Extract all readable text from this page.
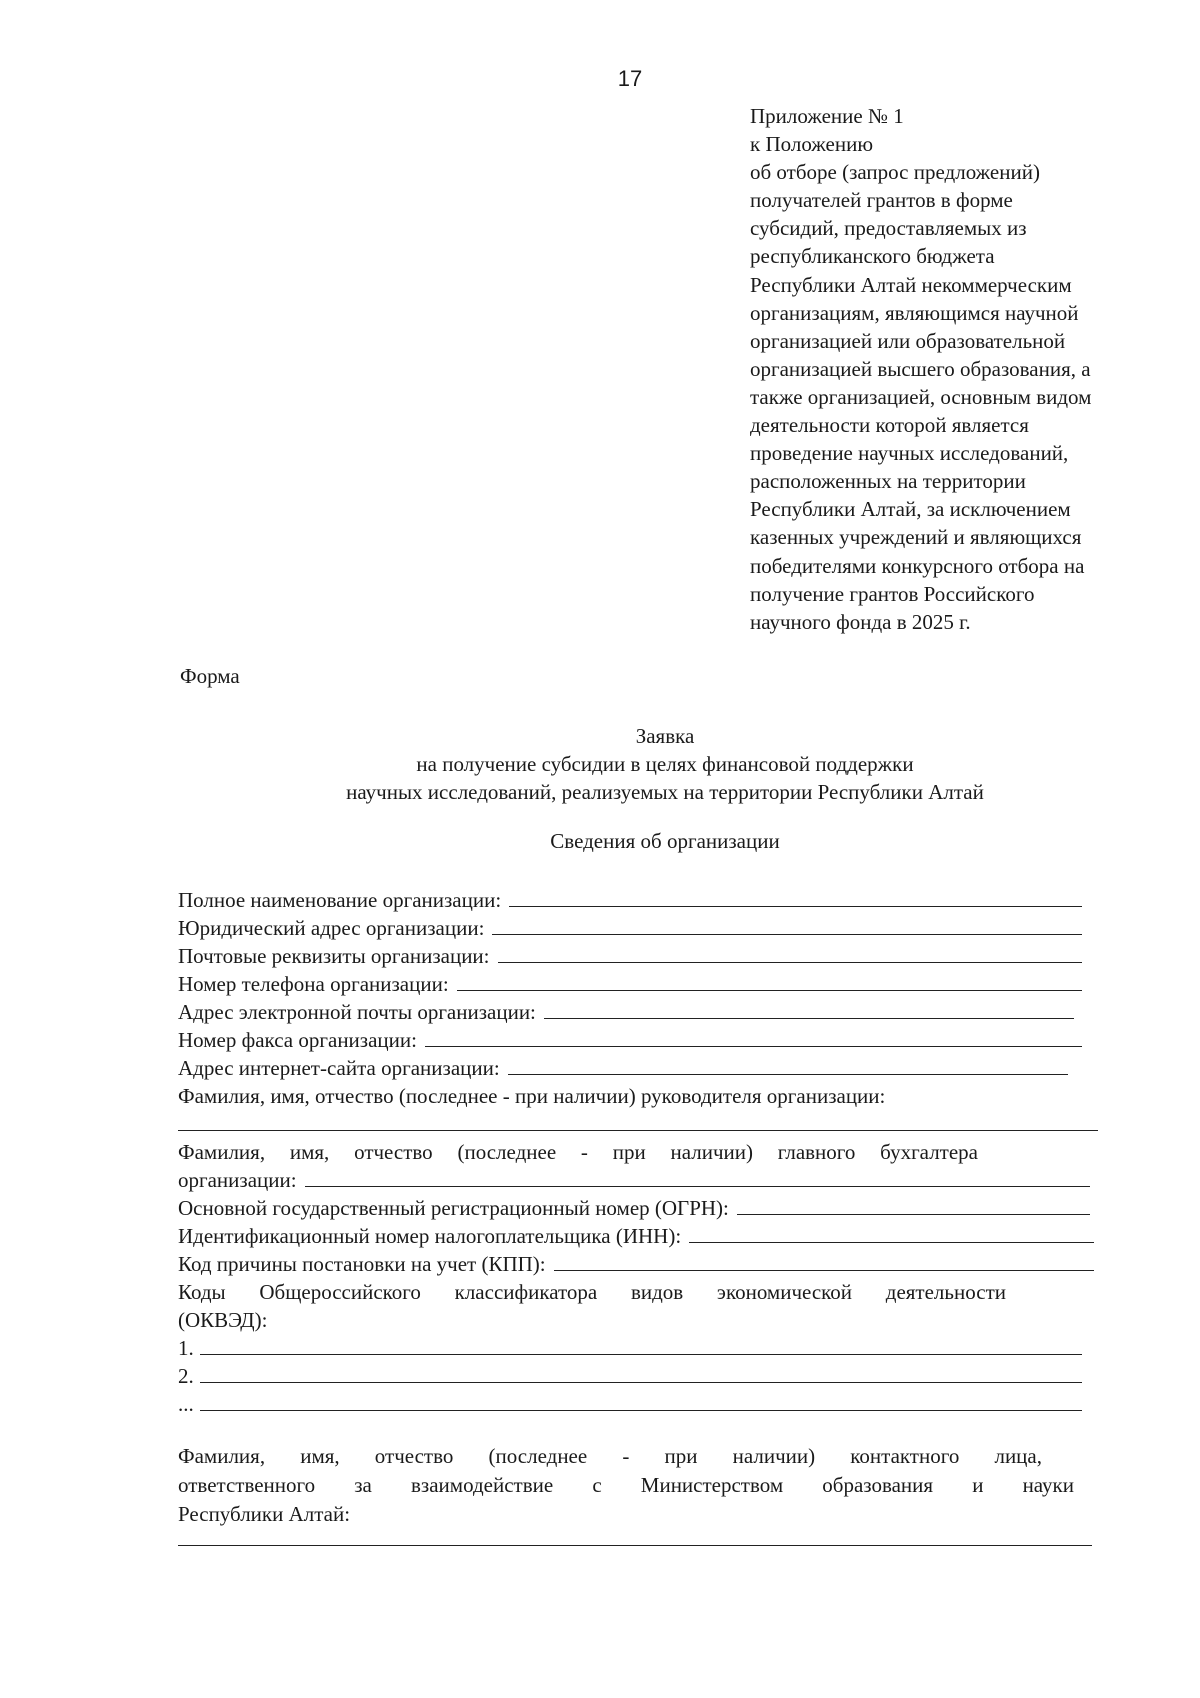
17
Приложение № 1
к Положению
об отборе (запрос предложений)
получателей грантов в форме
субсидий, предоставляемых из
республиканского бюджета
Республики Алтай некоммерческим
организациям, являющимся научной
организацией или образовательной
организацией высшего образования, а
также организацией, основным видом
деятельности которой является
проведение научных исследований,
расположенных на территории
Республики Алтай, за исключением
казенных учреждений и являющихся
победителями конкурсного отбора на
получение грантов Российского
научного фонда в 2025 г.
Форма
Заявка
на получение субсидии в целях финансовой поддержки
научных исследований, реализуемых на территории Республики Алтай
Сведения об организации
Полное наименование организации:
Юридический адрес организации:
Почтовые реквизиты организации:
Номер телефона организации:
Адрес электронной почты организации:
Номер факса организации:
Адрес интернет-сайта организации:
Фамилия, имя, отчество (последнее - при наличии) руководителя организации:
Фамилия, имя, отчество (последнее - при наличии) главного бухгалтера
организации:
Основной государственный регистрационный номер (ОГРН):
Идентификационный номер налогоплательщика (ИНН):
Код причины постановки на учет (КПП):
Коды Общероссийского классификатора видов экономической деятельности
(ОКВЭД):
1.
2.
...
Фамилия, имя, отчество (последнее - при наличии) контактного лица,
ответственного за взаимодействие с Министерством образования и науки
Республики Алтай:
